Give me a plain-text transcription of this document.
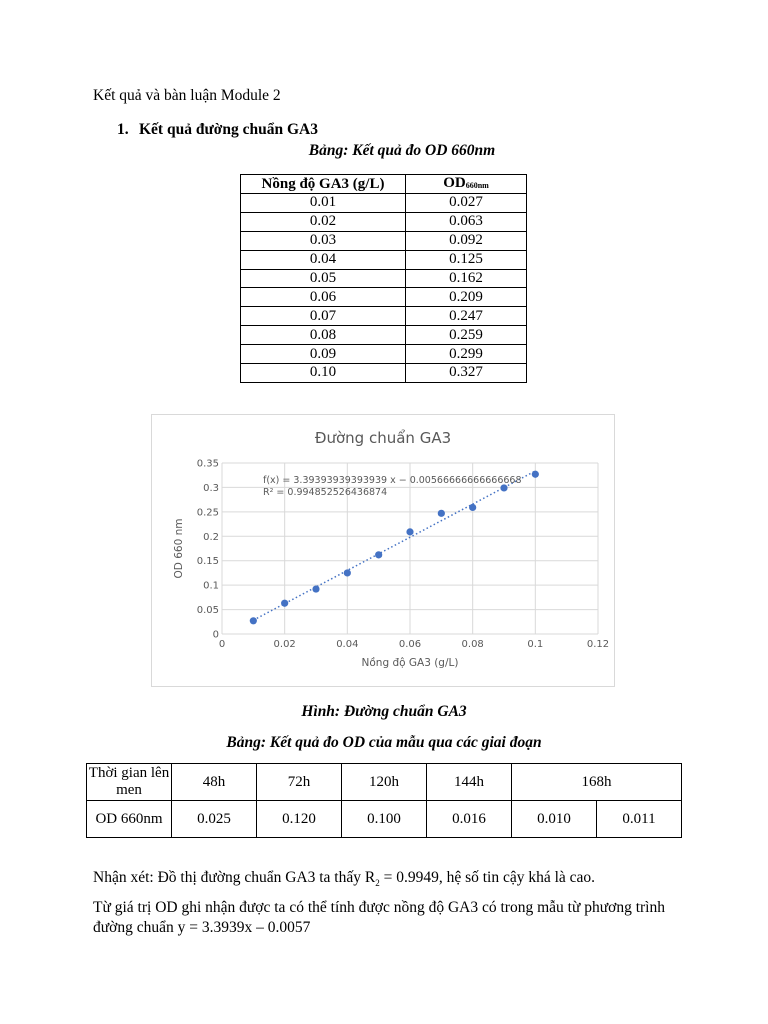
Kết quả và bàn luận Module 2
1. Kết quả đường chuẩn GA3
Bảng: Kết quả đo OD 660nm
Nồng độ GA3 (g/L)	$OD_{660nm}$
0.01	0.027
0.02	0.063
0.03	0.092
0.04	0.125
0.05	0.162
0.06	0.209
0.07	0.247
0.08	0.259
0.09	0.299
0.10	0.327
0
0.05
0.1
0.15
0.2
0.25
0.3
0.35
0	0.02	0.04	0.06	0.08	0.1	0.12
Đường chuẩn GA3
f(x) = 3.39393939393939 x − 0.00566666666666668
R² = 0.994852526436874
Nồng độ GA3 (g/L)
OD 660 nm
Hình: Đường chuẩn GA3
Bảng: Kết quả đo OD của mẫu qua các giai đoạn
Thời gian lên men	48h	72h	120h	144h	168h	
OD 660nm	0.025	0.120	0.100	0.016	0.010	0.011
Nhận xét: Đồ thị đường chuẩn GA3 ta thấy $R_2 = 0.9949$, hệ số tin cậy khá là cao.
Từ giá trị OD ghi nhận được ta có thể tính được nồng độ GA3 có trong mẫu từ phương trình đường chuẩn y = 3.3939x – 0.0057
